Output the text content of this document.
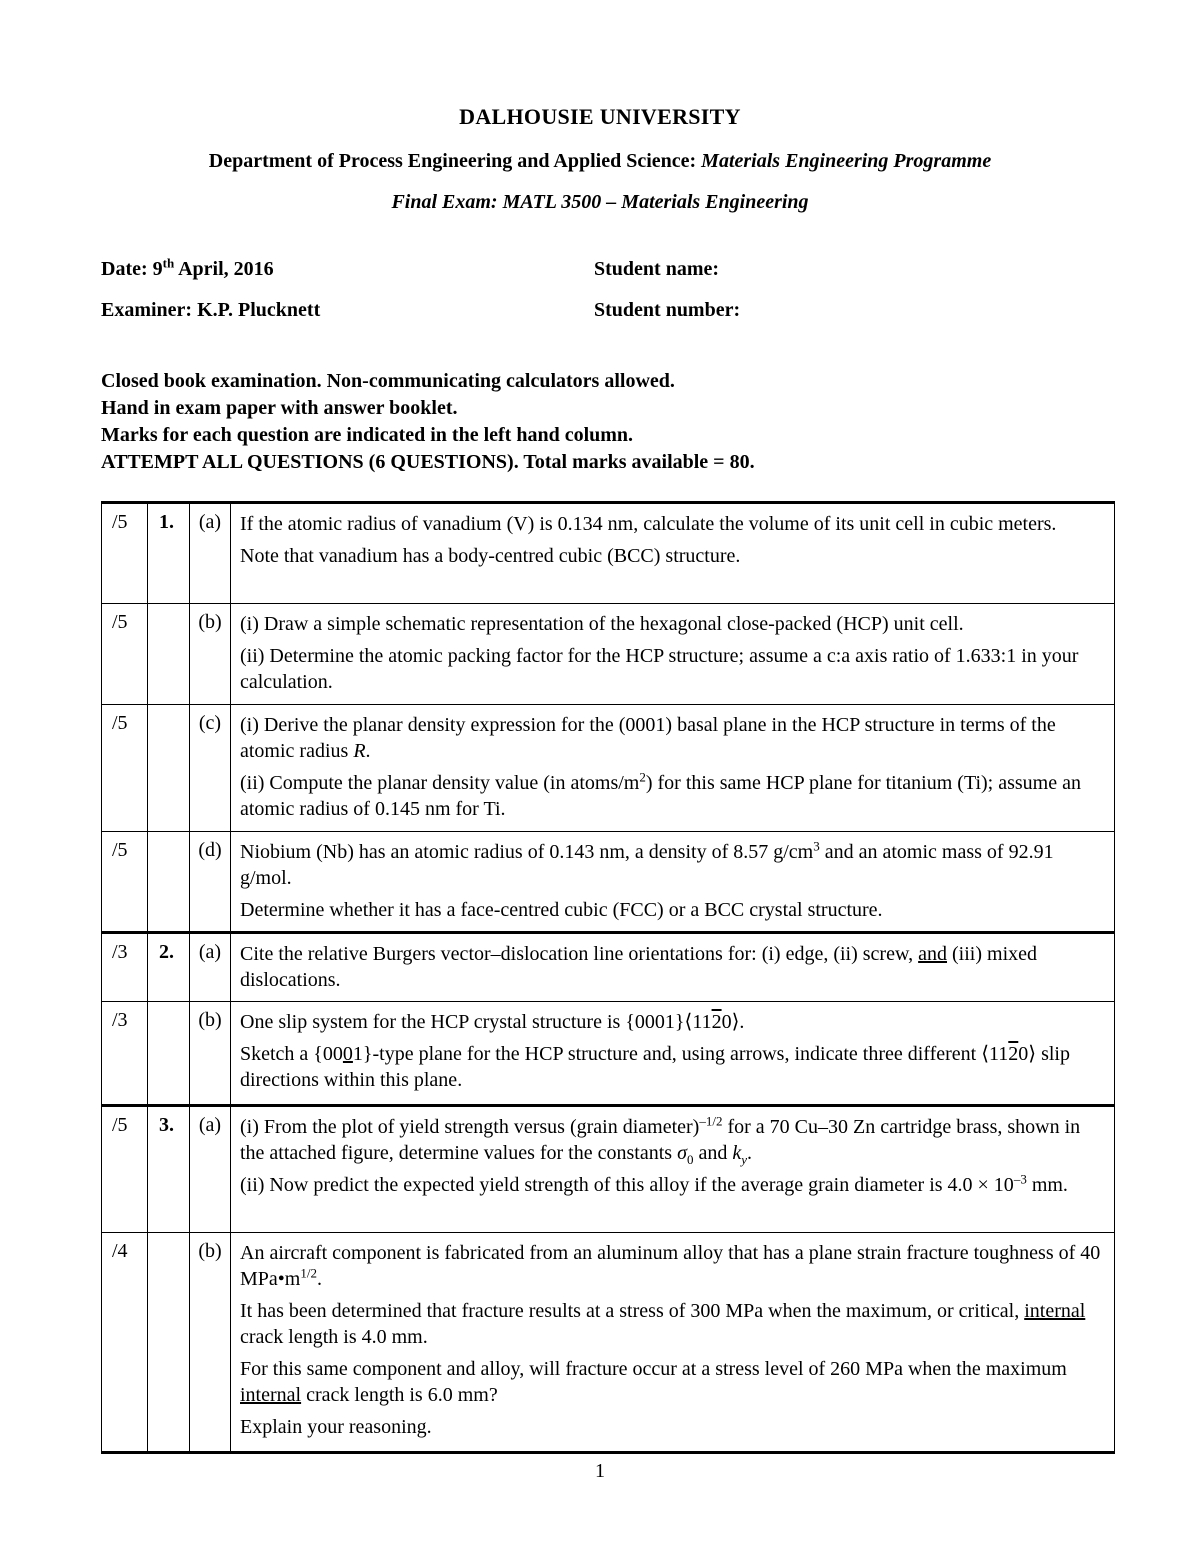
DALHOUSIE UNIVERSITY
Department of Process Engineering and Applied Science: Materials Engineering Programme
Final Exam: MATL 3500 – Materials Engineering
Date: 9th April, 2016	Student name:
Examiner: K.P. Plucknett	Student number:
Closed book examination. Non-communicating calculators allowed.
Hand in exam paper with answer booklet.
Marks for each question are indicated in the left hand column.
ATTEMPT ALL QUESTIONS (6 QUESTIONS). Total marks available = 80.
/5	1.	(a)	If the atomic radius of vanadium (V) is 0.134 nm, calculate the volume of its unit cell in cubic meters.

Note that vanadium has a body-centred cubic (BCC) structure.

/5		(b)	(i) Draw a simple schematic representation of the hexagonal close-packed (HCP) unit cell.

(ii) Determine the atomic packing factor for the HCP structure; assume a c:a axis ratio of 1.633:1 in your calculation.

/5		(c)	(i) Derive the planar density expression for the (0001) basal plane in the HCP structure in terms of the atomic radius R.

(ii) Compute the planar density value (in atoms/$m^2$) for this same HCP plane for titanium (Ti); assume an atomic radius of 0.145 nm for Ti.

/5		(d)	Niobium (Nb) has an atomic radius of 0.143 nm, a density of 8.57 $g/cm^3$ and an atomic mass of 92.91 g/mol.

Determine whether it has a face-centred cubic (FCC) or a BCC crystal structure.

/3	2.	(a)	Cite the relative Burgers vector–dislocation line orientations for: (i) edge, (ii) screw, and (iii) mixed dislocations.

/3		(b)	One slip system for the HCP crystal structure is {0001}⟨1120⟩.

Sketch a {0001}-type plane for the HCP structure and, using arrows, indicate three different ⟨1120⟩ slip directions within this plane.

/5	3.	(a)	(i) From the plot of yield strength versus (grain diameter)$^{-1/2}$ for a 70 Cu–30 Zn cartridge brass, shown in the attached figure, determine values for the constants $\sigma_0$ and $k_y$.

(ii) Now predict the expected yield strength of this alloy if the average grain diameter is $4.0 \times 10^{-3}$ mm.

/4		(b)	An aircraft component is fabricated from an aluminum alloy that has a plane strain fracture toughness of 40 $MPa•m^{1/2}$.

It has been determined that fracture results at a stress of 300 MPa when the maximum, or critical, internal crack length is 4.0 mm.

For this same component and alloy, will fracture occur at a stress level of 260 MPa when the maximum internal crack length is 6.0 mm?

Explain your reasoning.

1
